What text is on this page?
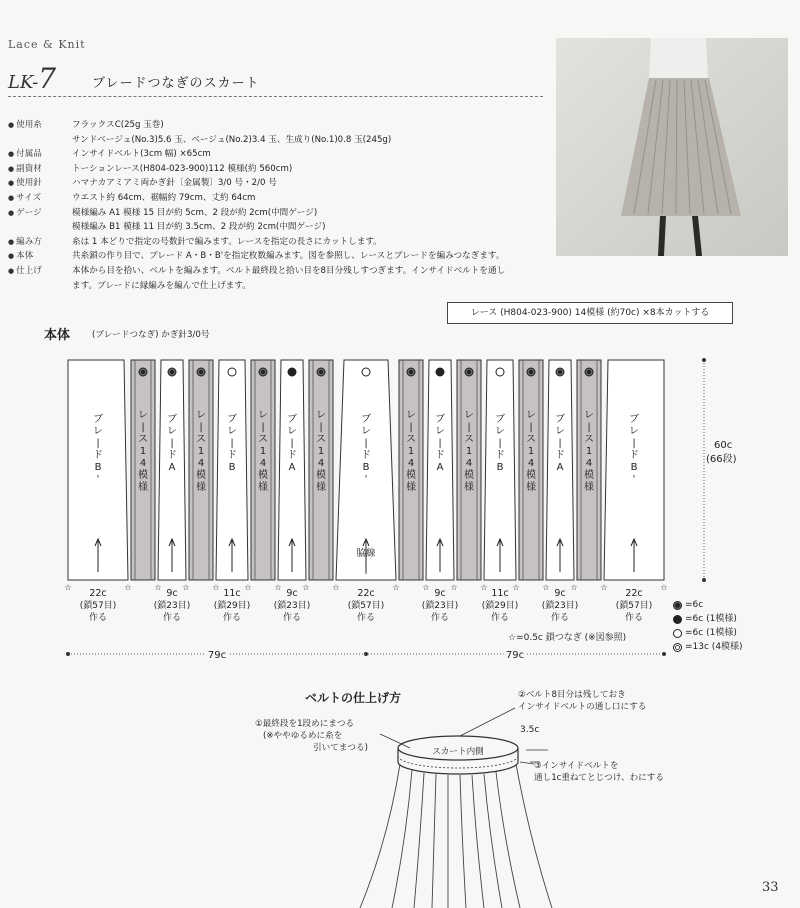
Lace & Knit
LK-7	ブレードつなぎのスカート
● 使用糸	フラックスC(25g 玉巻)
サンドベージュ(No.3)5.6 玉、ベージュ(No.2)3.4 玉、生成り(No.1)0.8 玉(245g)
● 付属品	インサイドベルト(3cm 幅) ×65cm
● 副資材	トーションレース(H804-023-900)112 模様(約 560cm)
● 使用針	ハマナカアミアミ両かぎ針〔金属製〕3/0 号・2/0 号
● サイズ	ウエスト約 64cm、裾幅約 79cm、丈約 64cm
● ゲージ	模様編み A1 模様 15 目が約 5cm、2 段が約 2cm(中間ゲージ)
模様編み B1 模様 11 目が約 3.5cm、2 段が約 2cm(中間ゲージ)
● 編み方	糸は 1 本どりで指定の号数針で編みます。レースを指定の長さにカットします。
● 本体	共糸鎖の作り目で、ブレード A・B・B'を指定枚数編みます。図を参照し、レースとブレードを編みつなぎます。
● 仕上げ	本体から目を拾い、ベルトを編みます。ベルト最終段と拾い目を8目分残しすつぎます。インサイドベルトを通し
ます。ブレードに縁編みを編んで仕上げます。
レース (H804-023-900) 14模様 (約70c) ×8本カットする
本体	(ブレードつなぎ) かぎ針3/0号
ブレ|ド B '
22c
(鎖57目)
作る
☆	☆
レ|ス 1 4 模様
ブレ|ド A
9c
(鎖23目)
作る
☆	☆
レ|ス 1 4 模様
ブレ|ド B
11c
(鎖29目)
作る
☆	☆
レ|ス 1 4 模様
ブレ|ド A
9c
(鎖23目)
作る
☆	☆
レ|ス 1 4 模様
ブレ|ド B '
22c
(鎖57目)
作る
☆	☆
レ|ス 1 4 模様
ブレ|ド A
9c
(鎖23目)
作る
☆	☆
レ|ス 1 4 模様
ブレ|ド B
11c
(鎖29目)
作る
☆	☆
レ|ス 1 4 模様
ブレ|ド A
9c
(鎖23目)
作る
☆	☆
レ|ス 1 4 模様
ブレ|ド B '
22c
(鎖57目)
作る
☆	☆
60c
(66段)
脇線
79c	79c
☆=0.5c 鎖つなぎ (※図参照)
=6c
=6c (1模様)
=6c (1模様)
=13c (4模様)
ベルトの仕上げ方
①最終段を1段めにまつる
(※ややゆるめに糸を
引いてまつる)
②ベルト8目分は残しておき
インサイドベルトの通し口にする
③インサイドベルトを
通し1c重ねてとじつけ、わにする
スカート内側
3.5c
33
